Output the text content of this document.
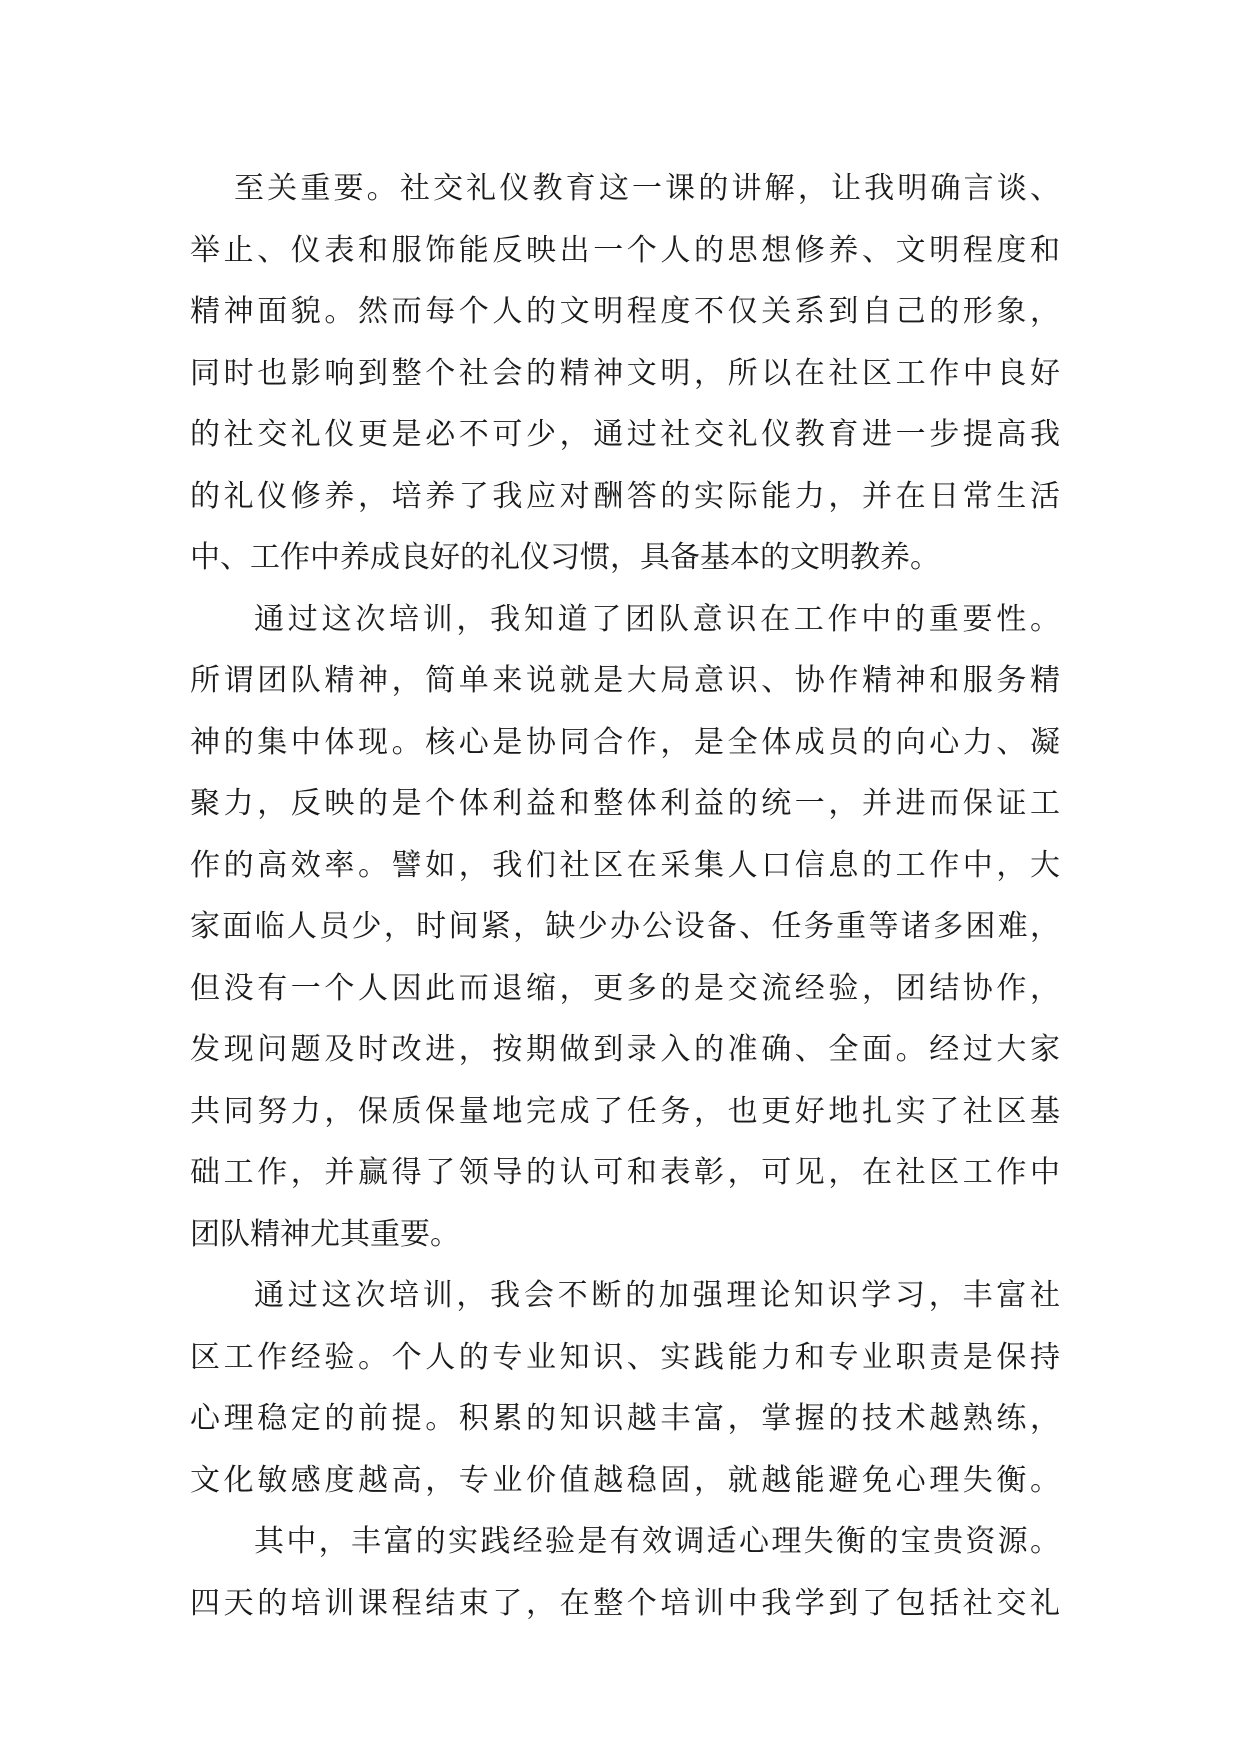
至关重要。社交礼仪教育这一课的讲解，让我明确言谈、
举止、仪表和服饰能反映出一个人的思想修养、文明程度和
精神面貌。然而每个人的文明程度不仅关系到自己的形象，
同时也影响到整个社会的精神文明，所以在社区工作中良好
的社交礼仪更是必不可少，通过社交礼仪教育进一步提高我
的礼仪修养，培养了我应对酬答的实际能力，并在日常生活
中、工作中养成良好的礼仪习惯，具备基本的文明教养。
通过这次培训，我知道了团队意识在工作中的重要性。
所谓团队精神，简单来说就是大局意识、协作精神和服务精
神的集中体现。核心是协同合作，是全体成员的向心力、凝
聚力，反映的是个体利益和整体利益的统一，并进而保证工
作的高效率。譬如，我们社区在采集人口信息的工作中，大
家面临人员少，时间紧，缺少办公设备、任务重等诸多困难，
但没有一个人因此而退缩，更多的是交流经验，团结协作，
发现问题及时改进，按期做到录入的准确、全面。经过大家
共同努力，保质保量地完成了任务，也更好地扎实了社区基
础工作，并赢得了领导的认可和表彰，可见，在社区工作中
团队精神尤其重要。
通过这次培训，我会不断的加强理论知识学习，丰富社
区工作经验。个人的专业知识、实践能力和专业职责是保持
心理稳定的前提。积累的知识越丰富，掌握的技术越熟练，
文化敏感度越高，专业价值越稳固，就越能避免心理失衡。
其中，丰富的实践经验是有效调适心理失衡的宝贵资源。
四天的培训课程结束了，在整个培训中我学到了包括社交礼
